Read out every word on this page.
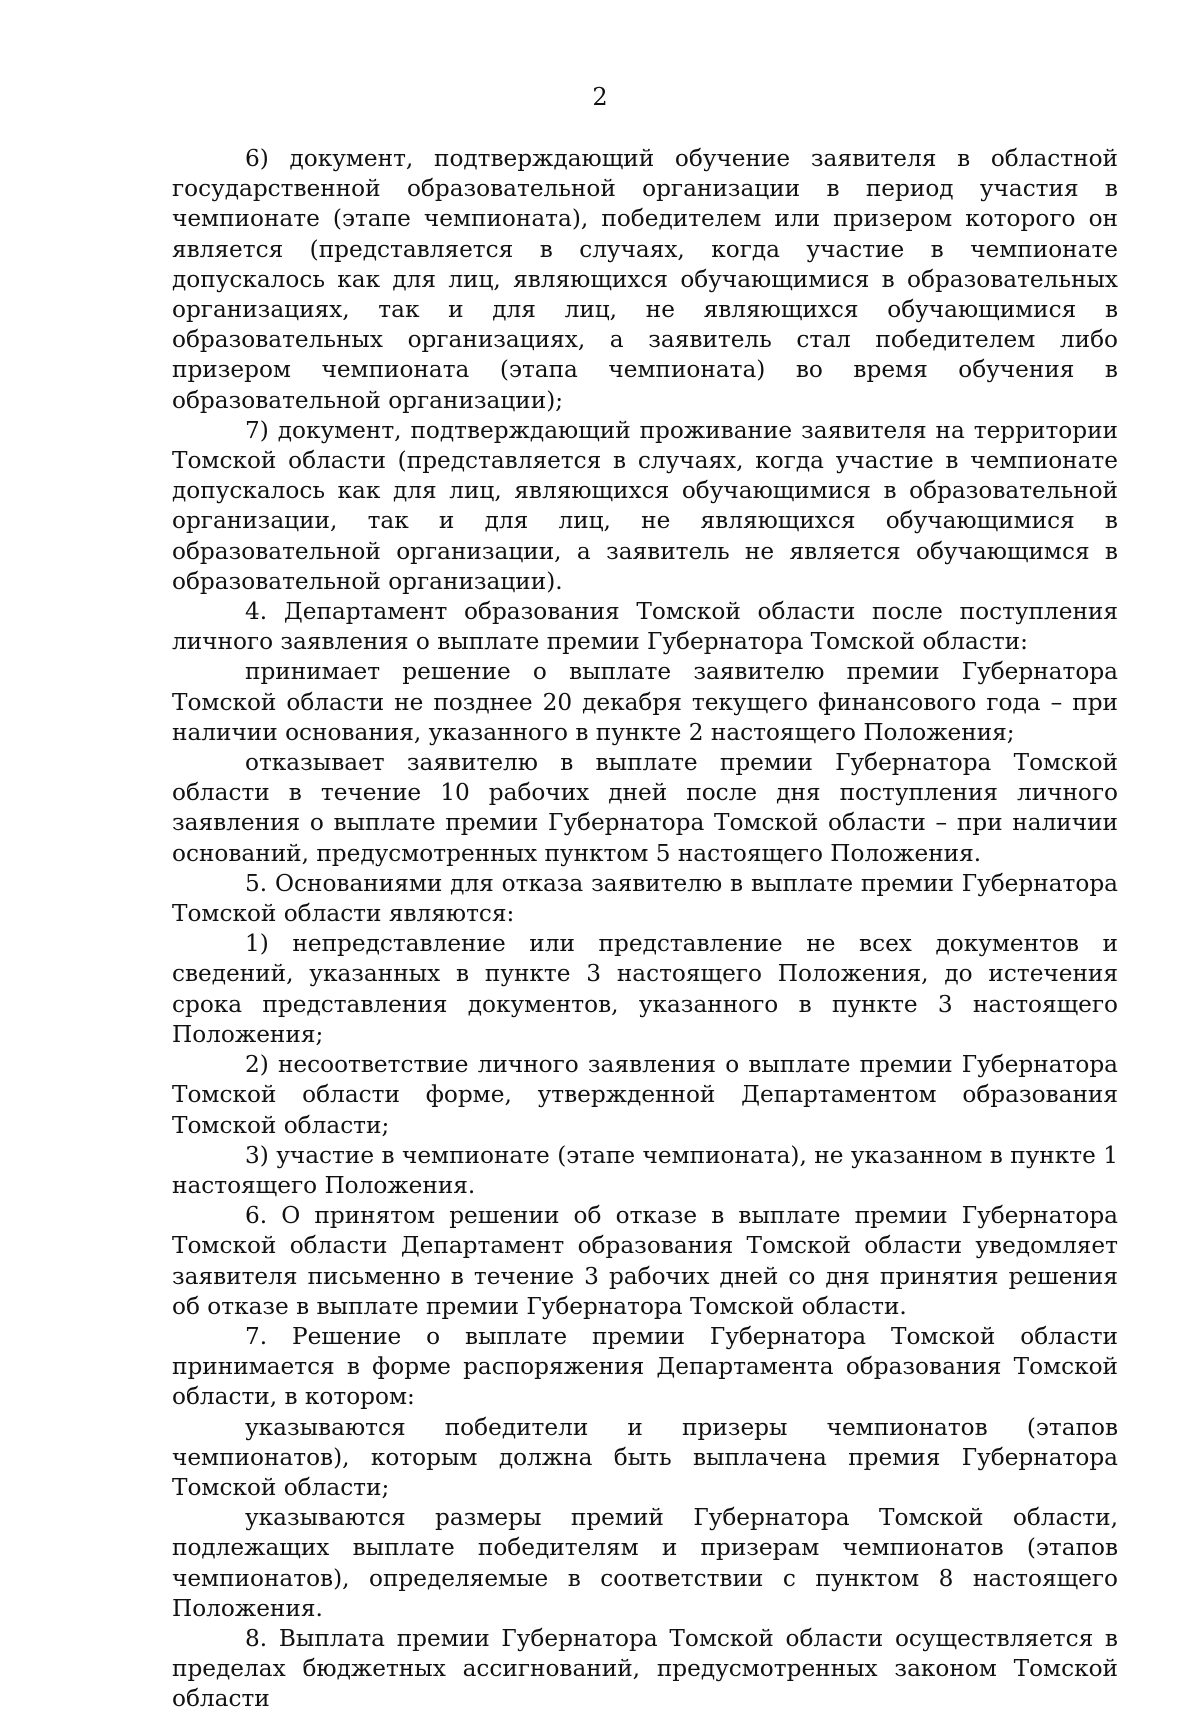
2

6) документ, подтверждающий обучение заявителя в областной государственной образовательной организации в период участия в чемпионате (этапе чемпионата), победителем или призером которого он является (представляется в случаях, когда участие в чемпионате допускалось как для лиц, являющихся обучающимися в образовательных организациях, так и для лиц, не являющихся обучающимися в образовательных организациях, а заявитель стал победителем либо призером чемпионата (этапа чемпионата) во время обучения в образовательной организации);

7) документ, подтверждающий проживание заявителя на территории Томской области (представляется в случаях, когда участие в чемпионате допускалось как для лиц, являющихся обучающимися в образовательной организации, так и для лиц, не являющихся обучающимися в образовательной организации, а заявитель не является обучающимся в образовательной организации).

4. Департамент образования Томской области после поступления личного заявления о выплате премии Губернатора Томской области:

принимает решение о выплате заявителю премии Губернатора Томской области не позднее 20 декабря текущего финансового года – при наличии основания, указанного в пункте 2 настоящего Положения;

отказывает заявителю в выплате премии Губернатора Томской области в течение 10 рабочих дней после дня поступления личного заявления о выплате премии Губернатора Томской области – при наличии оснований, предусмотренных пунктом 5 настоящего Положения.

5. Основаниями для отказа заявителю в выплате премии Губернатора Томской области являются:

1) непредставление или представление не всех документов и сведений, указанных в пункте 3 настоящего Положения, до истечения срока представления документов, указанного в пункте 3 настоящего Положения;

2) несоответствие личного заявления о выплате премии Губернатора Томской области форме, утвержденной Департаментом образования Томской области;

3) участие в чемпионате (этапе чемпионата), не указанном в пункте 1 настоящего Положения.

6. О принятом решении об отказе в выплате премии Губернатора Томской области Департамент образования Томской области уведомляет заявителя письменно в течение 3 рабочих дней со дня принятия решения об отказе в выплате премии Губернатора Томской области.

7. Решение о выплате премии Губернатора Томской области принимается в форме распоряжения Департамента образования Томской области, в котором:

указываются победители и призеры чемпионатов (этапов чемпионатов), которым должна быть выплачена премия Губернатора Томской области;

указываются размеры премий Губернатора Томской области, подлежащих выплате победителям и призерам чемпионатов (этапов чемпионатов), определяемые в соответствии с пунктом 8 настоящего Положения.

8. Выплата премии Губернатора Томской области осуществляется в пределах бюджетных ассигнований, предусмотренных законом Томской области
